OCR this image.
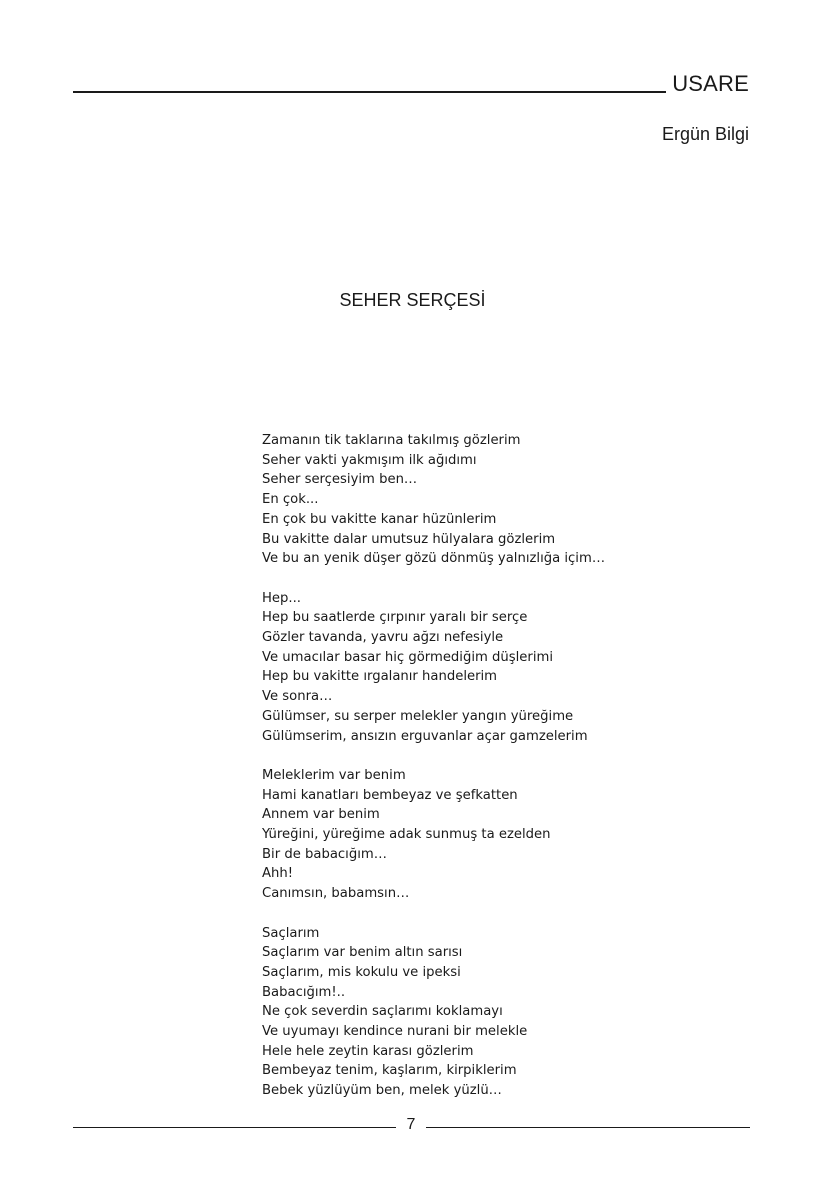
USARE
Ergün Bilgi
SEHER SERÇESİ
Zamanın tik taklarına takılmış gözlerim
Seher vakti yakmışım ilk ağıdımı
Seher serçesiyim ben…
En çok...
En çok bu vakitte kanar hüzünlerim
Bu vakitte dalar umutsuz hülyalara gözlerim
Ve bu an yenik düşer gözü dönmüş yalnızlığa içim…
Hep...
Hep bu saatlerde çırpınır yaralı bir serçe
Gözler tavanda, yavru ağzı nefesiyle
Ve umacılar basar hiç görmediğim düşlerimi
Hep bu vakitte ırgalanır handelerim
Ve sonra…
Gülümser, su serper melekler yangın yüreğime
Gülümserim, ansızın erguvanlar açar gamzelerim
Meleklerim var benim
Hami kanatları bembeyaz ve şefkatten
Annem var benim
Yüreğini, yüreğime adak sunmuş ta ezelden
Bir de babacığım…
Ahh!
Canımsın, babamsın…
Saçlarım
Saçlarım var benim altın sarısı
Saçlarım, mis kokulu ve ipeksi
Babacığım!..
Ne çok severdin saçlarımı koklamayı
Ve uyumayı kendince nurani bir melekle
Hele hele zeytin karası gözlerim
Bembeyaz tenim, kaşlarım, kirpiklerim
Bebek yüzlüyüm ben, melek yüzlü…
7
